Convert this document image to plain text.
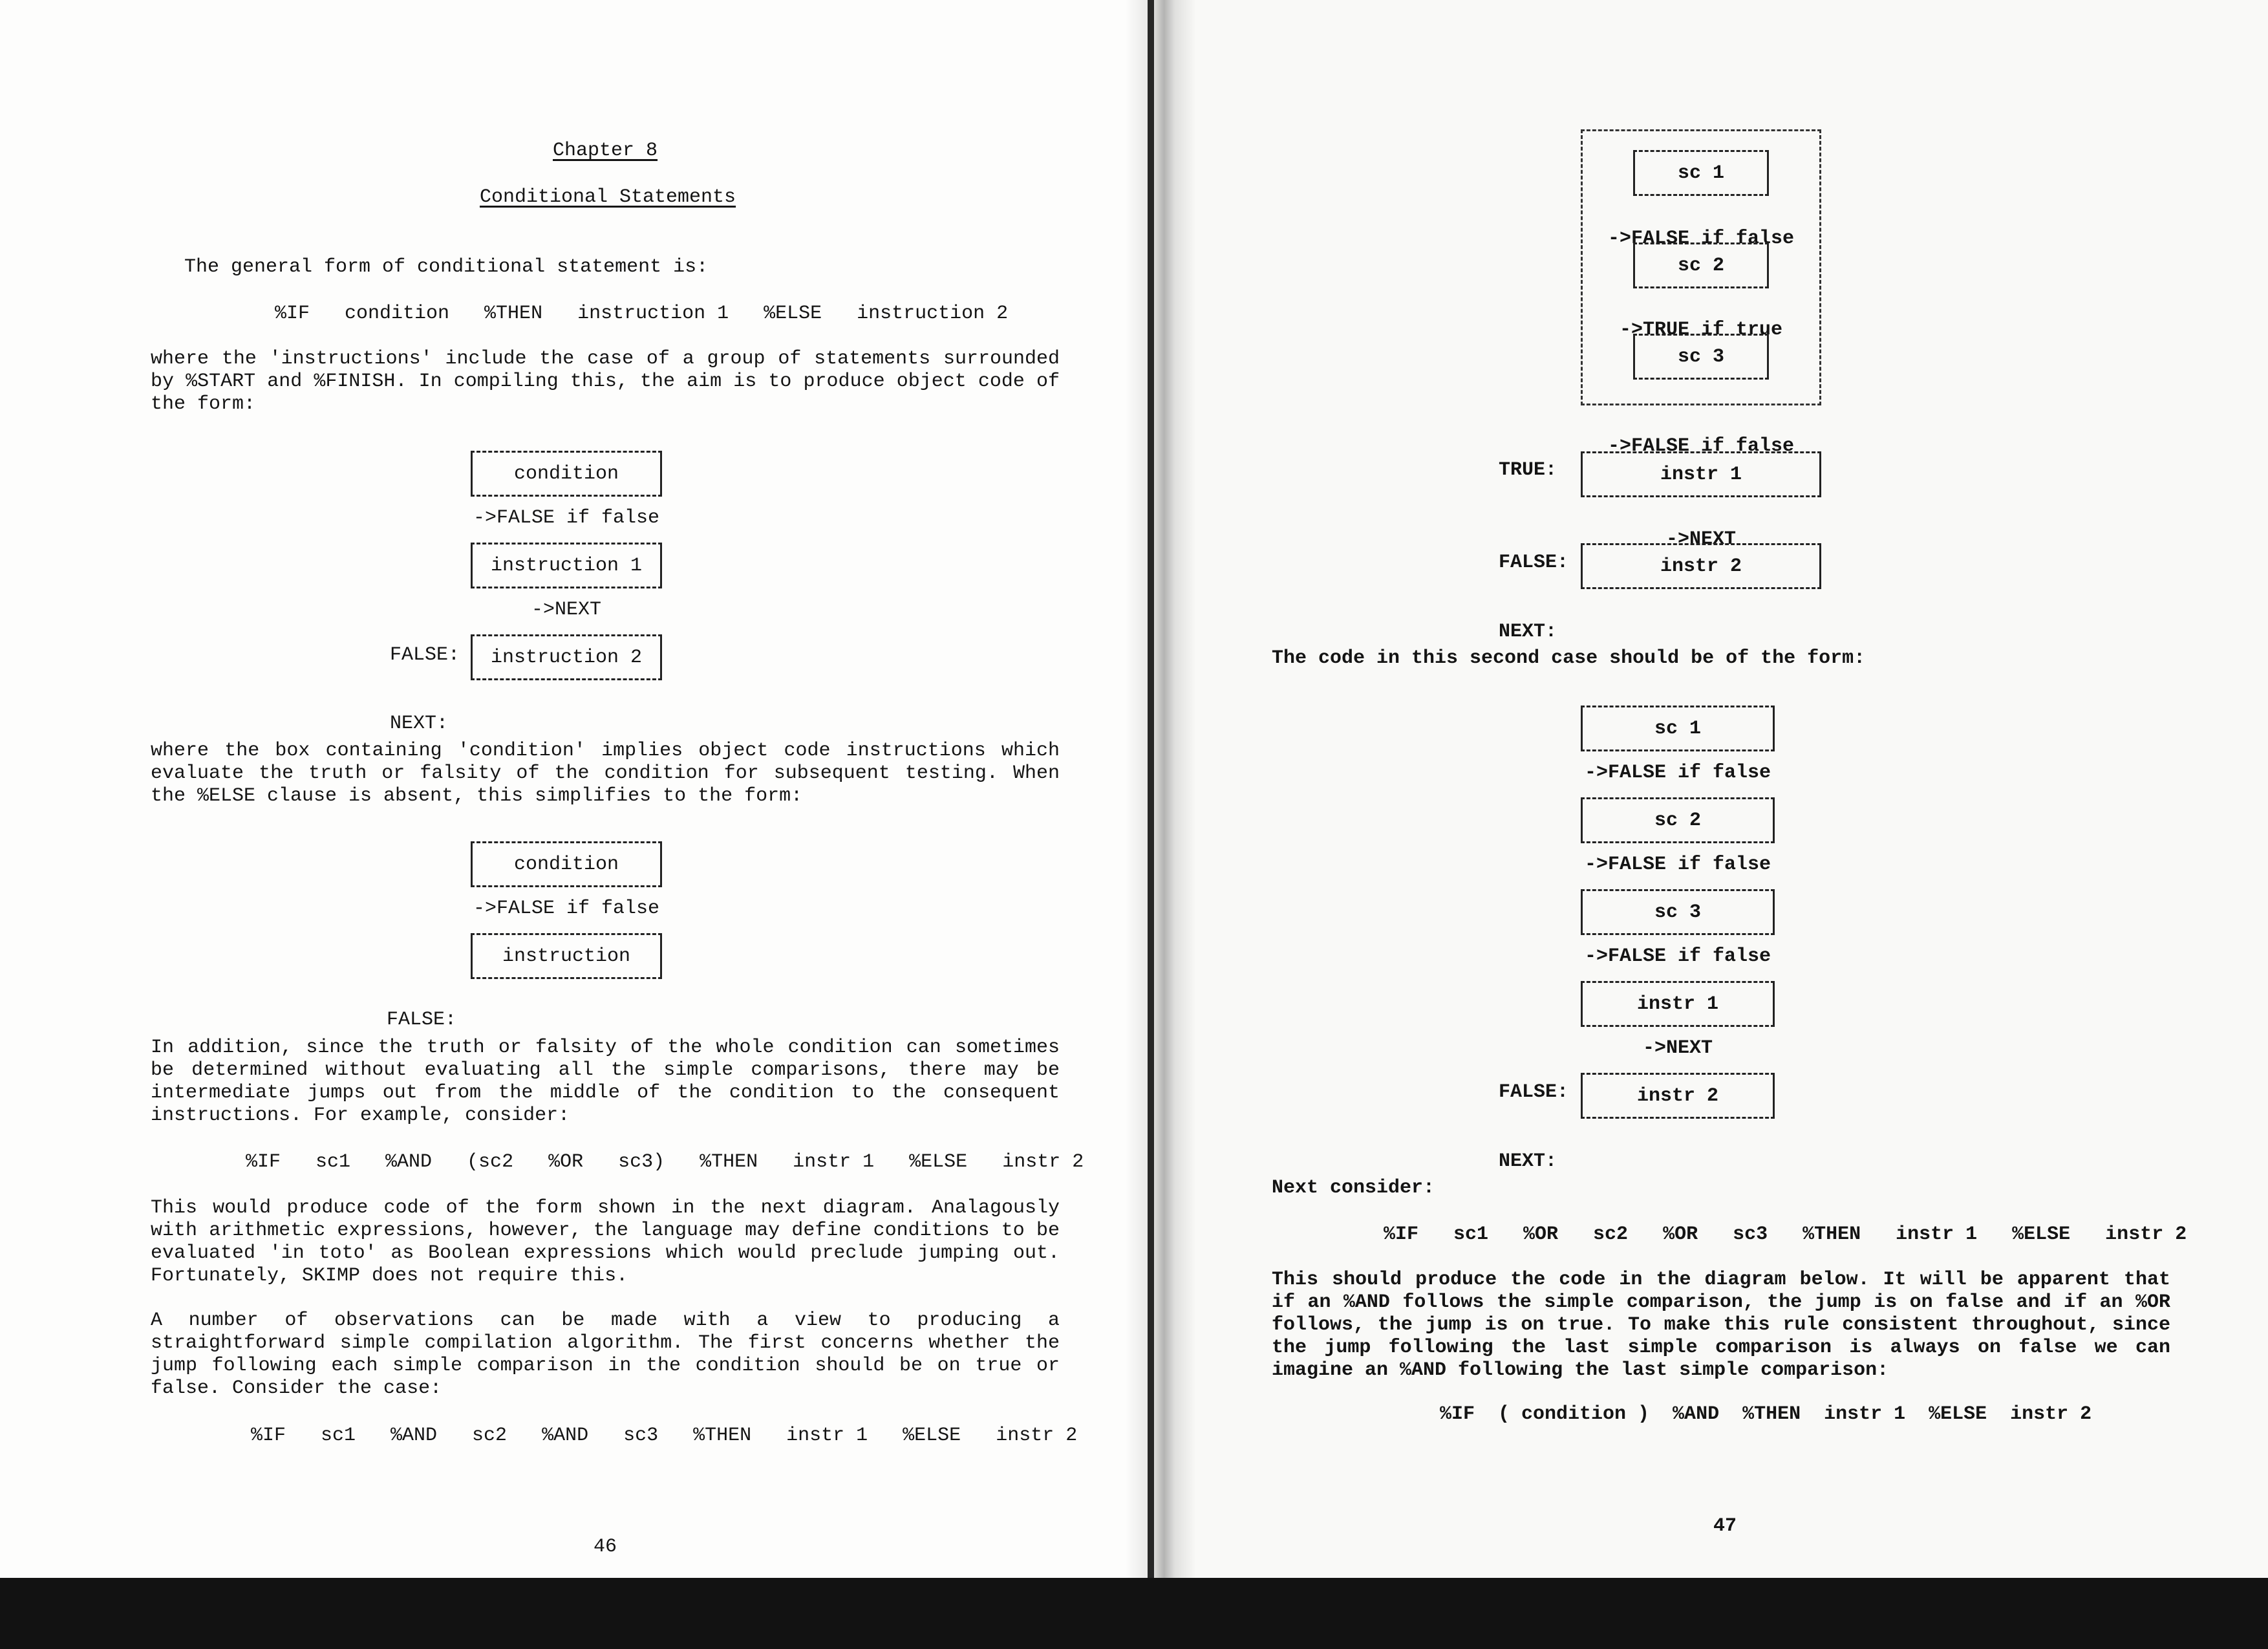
Chapter 8

Conditional Statements

The general form of conditional statement is:

%IF   condition   %THEN   instruction 1   %ELSE   instruction 2

where the 'instructions' include the case of a group of statements surrounded by %START and %FINISH. In compiling this, the aim is to produce object code of the form:

condition
->FALSE if false
instruction 1
->NEXT
instruction 2

FALSE:

NEXT:

where the box containing 'condition' implies object code instructions which evaluate the truth or falsity of the condition for subsequent testing. When the %ELSE clause is absent, this simplifies to the form:

condition
->FALSE if false
instruction

FALSE:

In addition, since the truth or falsity of the whole condition can sometimes be determined without evaluating all the simple comparisons, there may be intermediate jumps out from the middle of the condition to the consequent instructions. For example, consider:

%IF   sc1   %AND   (sc2   %OR   sc3)   %THEN   instr 1   %ELSE   instr 2

This would produce code of the form shown in the next diagram. Analagously with arithmetic expressions, however, the language may define conditions to be evaluated 'in toto' as Boolean expressions which would preclude jumping out. Fortunately, SKIMP does not require this.

A number of observations can be made with a view to producing a straightforward simple compilation algorithm. The first concerns whether the jump following each simple comparison in the condition should be on true or false. Consider the case:

%IF   sc1   %AND   sc2   %AND   sc3   %THEN   instr 1   %ELSE   instr 2

46

sc 1

->FALSE if false

sc 2

->TRUE if true

sc 3

->FALSE if false

instr 1

TRUE:

->NEXT

instr 2

FALSE:

NEXT:

The code in this second case should be of the form:

sc 1
->FALSE if false
sc 2
->FALSE if false
sc 3
->FALSE if false
instr 1
->NEXT
instr 2

FALSE:

NEXT:

Next consider:

%IF   sc1   %OR   sc2   %OR   sc3   %THEN   instr 1   %ELSE   instr 2

This should produce the code in the diagram below. It will be apparent that if an %AND follows the simple comparison, the jump is on false and if an %OR follows, the jump is on true. To make this rule consistent throughout, since the jump following the last simple comparison is always on false we can imagine an %AND following the last simple comparison:

%IF  ( condition )  %AND  %THEN  instr 1  %ELSE  instr 2

47
